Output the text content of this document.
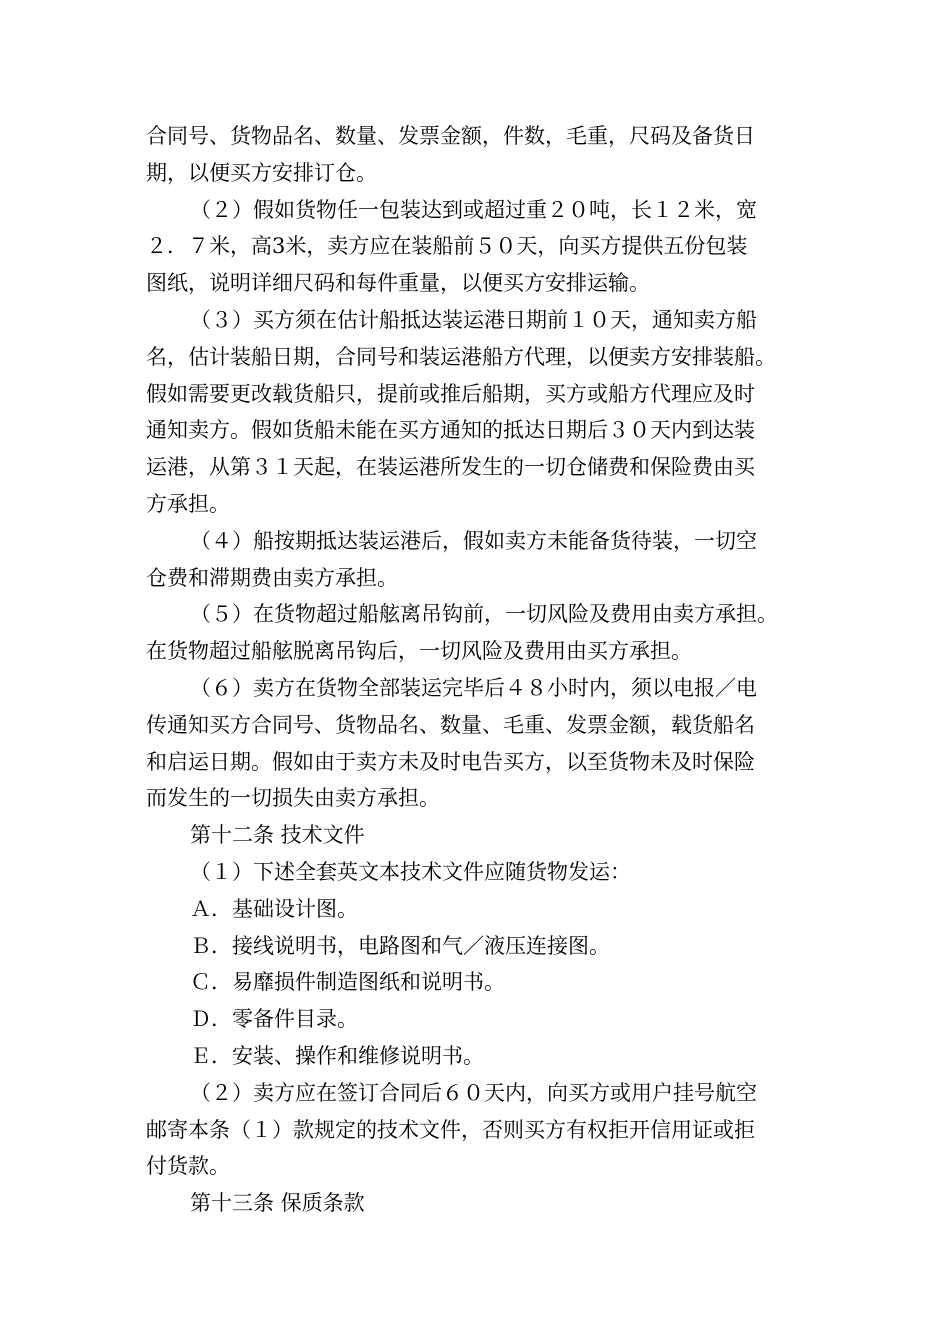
合同号、货物品名、数量、发票金额，件数，毛重，尺码及备货日
期，以便买方安排订仓。
（２）假如货物任一包装达到或超过重２０吨，长１２米，宽
２．７米，高3米，卖方应在装船前５０天，向买方提供五份包装
图纸，说明详细尺码和每件重量，以便买方安排运输。
（３）买方须在估计船抵达装运港日期前１０天，通知卖方船
名，估计装船日期，合同号和装运港船方代理，以便卖方安排装船。
假如需要更改载货船只，提前或推后船期，买方或船方代理应及时
通知卖方。假如货船未能在买方通知的抵达日期后３０天内到达装
运港，从第３１天起，在装运港所发生的一切仓储费和保险费由买
方承担。
（４）船按期抵达装运港后，假如卖方未能备货待装，一切空
仓费和滞期费由卖方承担。
（５）在货物超过船舷离吊钩前，一切风险及费用由卖方承担。
在货物超过船舷脱离吊钩后，一切风险及费用由买方承担。
（６）卖方在货物全部装运完毕后４８小时内，须以电报／电
传通知买方合同号、货物品名、数量、毛重、发票金额，载货船名
和启运日期。假如由于卖方未及时电告买方，以至货物未及时保险
而发生的一切损失由卖方承担。
第十二条 技术文件
（１）下述全套英文本技术文件应随货物发运：
Ａ．基础设计图。
Ｂ．接线说明书，电路图和气／液压连接图。
Ｃ．易靡损件制造图纸和说明书。
Ｄ．零备件目录。
Ｅ．安装、操作和维修说明书。
（２）卖方应在签订合同后６０天内，向买方或用户挂号航空
邮寄本条（１）款规定的技术文件，否则买方有权拒开信用证或拒
付货款。
第十三条 保质条款
